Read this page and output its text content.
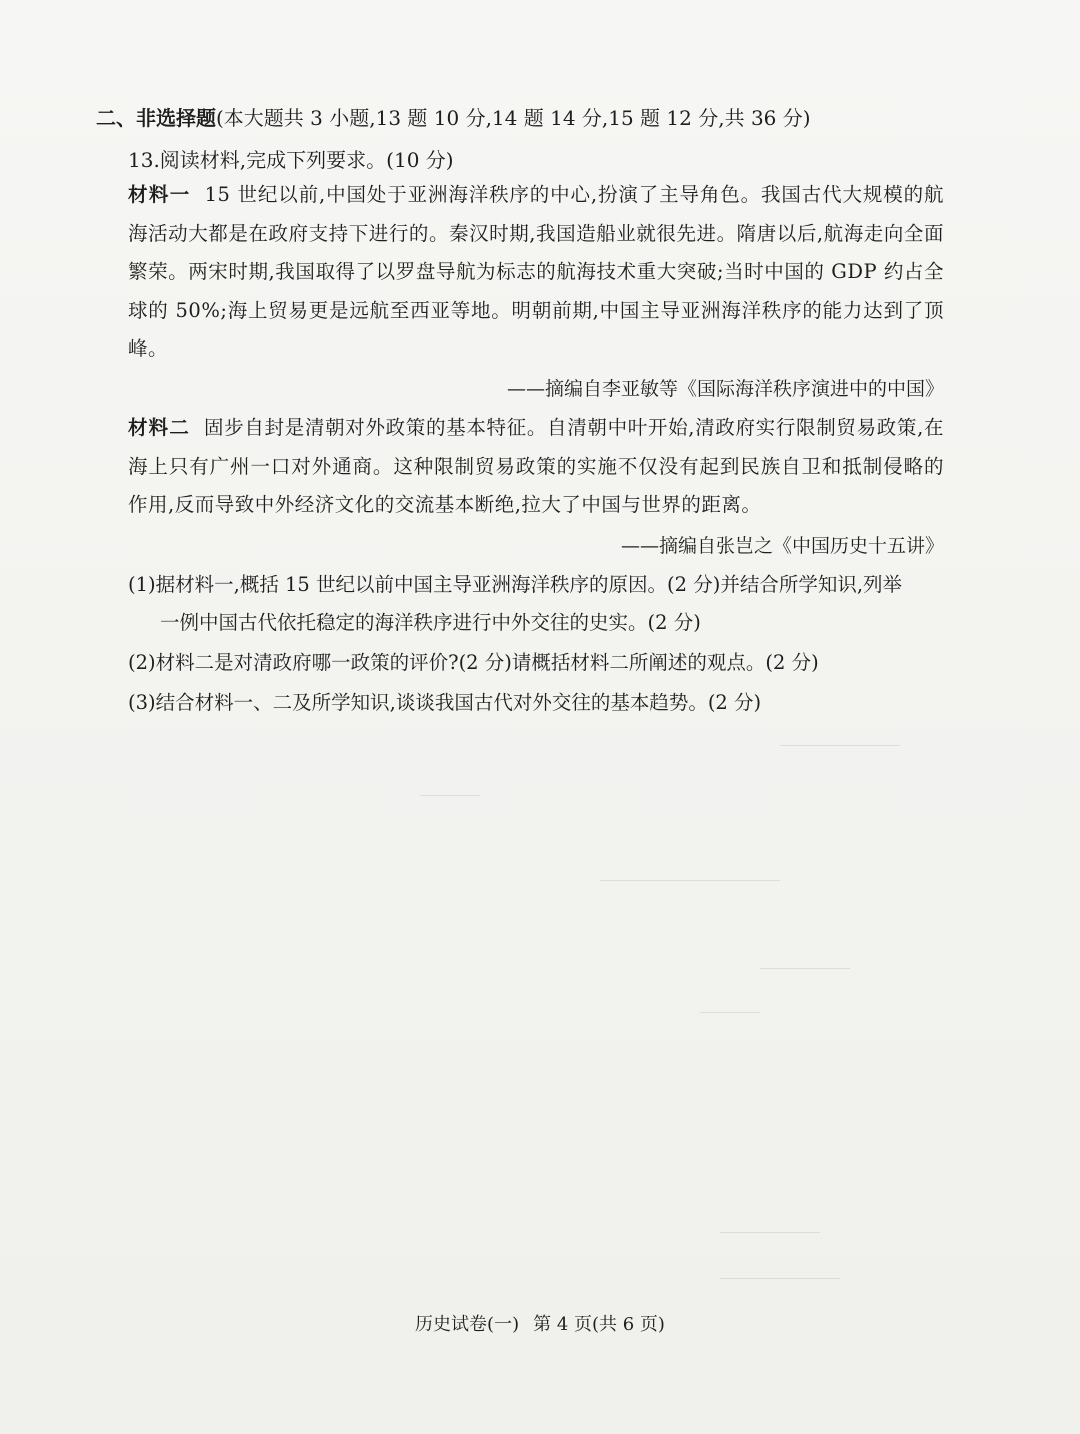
二、非选择题(本大题共 3 小题,13 题 10 分,14 题 14 分,15 题 12 分,共 36 分)
13.阅读材料,完成下列要求。(10 分)
材料一 15 世纪以前,中国处于亚洲海洋秩序的中心,扮演了主导角色。我国古代大规模的航海活动大都是在政府支持下进行的。秦汉时期,我国造船业就很先进。隋唐以后,航海走向全面繁荣。两宋时期,我国取得了以罗盘导航为标志的航海技术重大突破;当时中国的 GDP 约占全球的 50%;海上贸易更是远航至西亚等地。明朝前期,中国主导亚洲海洋秩序的能力达到了顶峰。
——摘编自李亚敏等《国际海洋秩序演进中的中国》
材料二 固步自封是清朝对外政策的基本特征。自清朝中叶开始,清政府实行限制贸易政策,在海上只有广州一口对外通商。这种限制贸易政策的实施不仅没有起到民族自卫和抵制侵略的作用,反而导致中外经济文化的交流基本断绝,拉大了中国与世界的距离。
——摘编自张岂之《中国历史十五讲》
(1)据材料一,概括 15 世纪以前中国主导亚洲海洋秩序的原因。(2 分)并结合所学知识,列举
一例中国古代依托稳定的海洋秩序进行中外交往的史实。(2 分)
(2)材料二是对清政府哪一政策的评价?(2 分)请概括材料二所阐述的观点。(2 分)
(3)结合材料一、二及所学知识,谈谈我国古代对外交往的基本趋势。(2 分)
历史试卷(一) 第 4 页(共 6 页)
